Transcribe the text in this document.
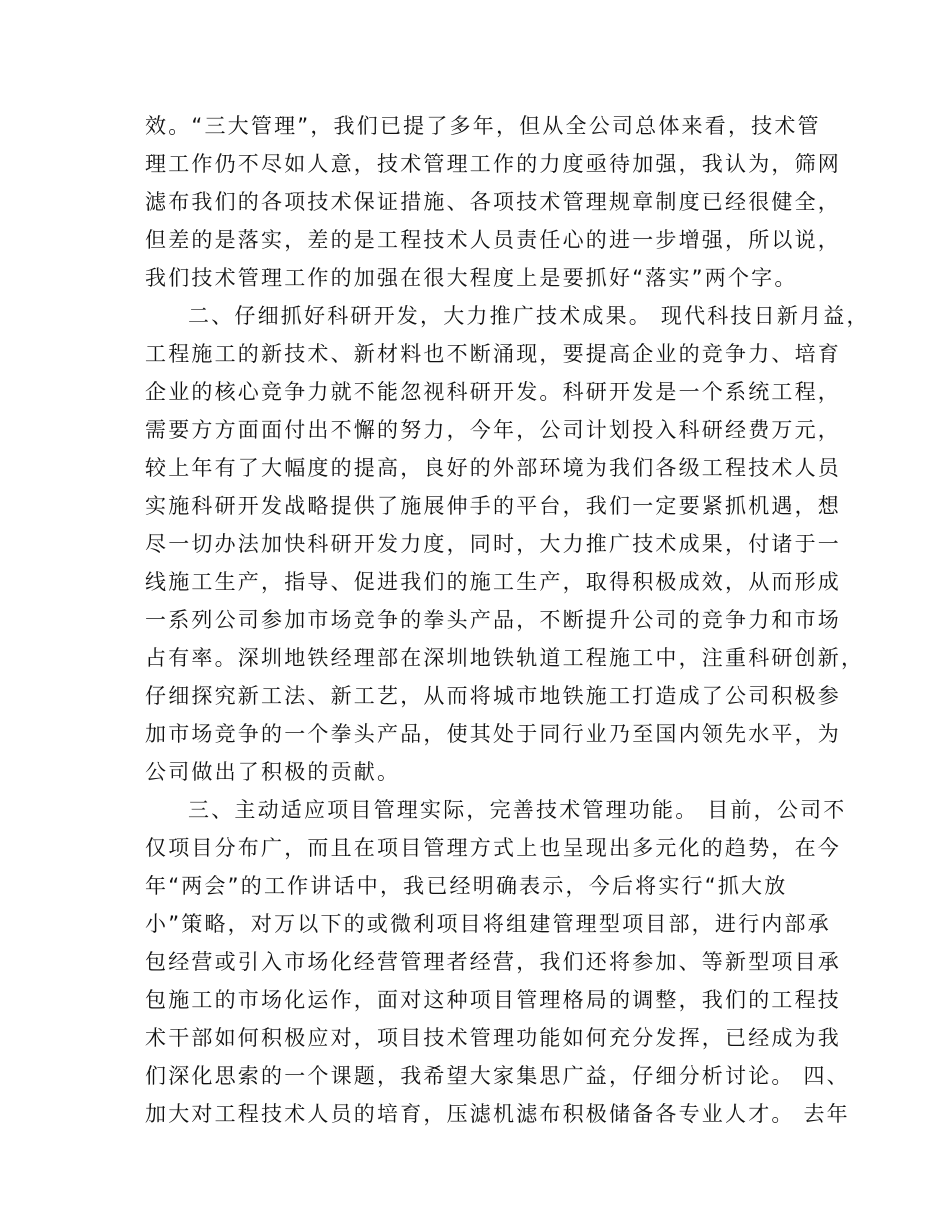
效。“三大管理”，我们已提了多年，但从全公司总体来看，技术管
理工作仍不尽如人意，技术管理工作的力度亟待加强，我认为，筛网
滤布我们的各项技术保证措施、各项技术管理规章制度已经很健全，
但差的是落实，差的是工程技术人员责任心的进一步增强，所以说，
我们技术管理工作的加强在很大程度上是要抓好“落实”两个字。
二、仔细抓好科研开发，大力推广技术成果。 现代科技日新月益，
工程施工的新技术、新材料也不断涌现，要提高企业的竞争力、培育
企业的核心竞争力就不能忽视科研开发。科研开发是一个系统工程，
需要方方面面付出不懈的努力，今年，公司计划投入科研经费万元，
较上年有了大幅度的提高，良好的外部环境为我们各级工程技术人员
实施科研开发战略提供了施展伸手的平台，我们一定要紧抓机遇，想
尽一切办法加快科研开发力度，同时，大力推广技术成果，付诸于一
线施工生产，指导、促进我们的施工生产，取得积极成效，从而形成
一系列公司参加市场竞争的拳头产品，不断提升公司的竞争力和市场
占有率。深圳地铁经理部在深圳地铁轨道工程施工中，注重科研创新，
仔细探究新工法、新工艺，从而将城市地铁施工打造成了公司积极参
加市场竞争的一个拳头产品，使其处于同行业乃至国内领先水平，为
公司做出了积极的贡献。
三、主动适应项目管理实际，完善技术管理功能。 目前，公司不
仅项目分布广，而且在项目管理方式上也呈现出多元化的趋势，在今
年“两会”的工作讲话中，我已经明确表示，今后将实行“抓大放
小”策略，对万以下的或微利项目将组建管理型项目部，进行内部承
包经营或引入市场化经营管理者经营，我们还将参加、等新型项目承
包施工的市场化运作，面对这种项目管理格局的调整，我们的工程技
术干部如何积极应对，项目技术管理功能如何充分发挥，已经成为我
们深化思索的一个课题，我希望大家集思广益，仔细分析讨论。 四、
加大对工程技术人员的培育，压滤机滤布积极储备各专业人才。 去年
